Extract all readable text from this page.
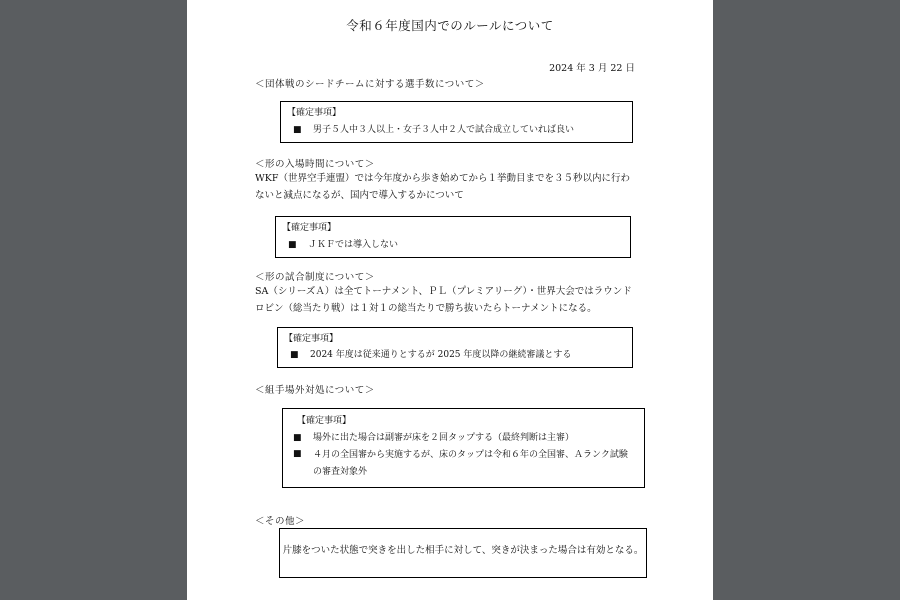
令和６年度国内でのルールについて
2024 年 3 月 22 日
＜団体戦のシードチームに対する選手数について＞
【確定事項】
■ 男子５人中３人以上・女子３人中２人で試合成立していれば良い
＜形の入場時間について＞
WKF（世界空手連盟）では今年度から歩き始めてから１挙動目までを３５秒以内に行わないと減点になるが、国内で導入するかについて
【確定事項】
■ ＪＫＦでは導入しない
＜形の試合制度について＞
SA（シリーズＡ）は全てトーナメント、ＰＬ（プレミアリーグ）・世界大会ではラウンドロビン（総当たり戦）は１対１の総当たりで勝ち抜いたらトーナメントになる。
【確定事項】
■ 2024 年度は従来通りとするが 2025 年度以降の継続審議とする
＜組手場外対処について＞
【確定事項】
■ 場外に出た場合は副審が床を２回タップする（最終判断は主審）
■ ４月の全国審から実施するが、床のタップは令和６年の全国審、Ａランク試験の審査対象外
＜その他＞
片膝をついた状態で突きを出した相手に対して、突きが決まった場合は有効となる。
